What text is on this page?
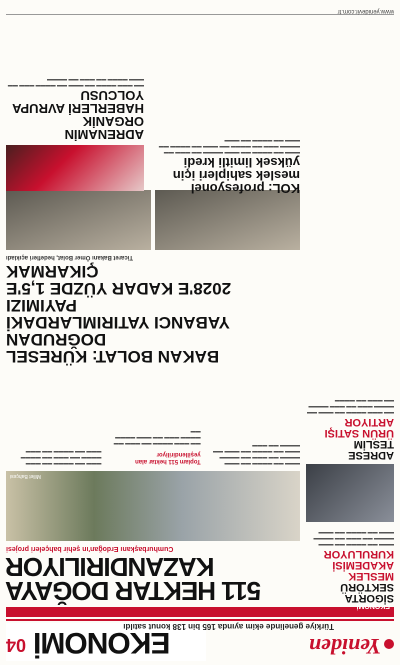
Yeniden
EKONOMİ
04
Türkiye genelinde ekim ayında 165 bin 138 konut satıldı
EKONOMİ
SİGORTA SEKTÖRÜ
MESLEK AKADEMİSİ KURULUYOR
▬▬▬ ▬▬ ▬▬▬▬ ▬▬ ▬▬▬ ▬▬▬▬ ▬▬ ▬▬▬ ▬▬ ▬▬▬▬ ▬▬▬ ▬▬ ▬▬▬▬ ▬▬ ▬▬▬
ADRESE TESLİM
ÜRÜN SATIŞI ARTIYOR
▬▬ ▬▬▬ ▬▬▬▬ ▬▬ ▬▬▬ ▬▬ ▬▬▬▬ ▬▬▬ ▬▬ ▬▬▬ ▬▬▬▬ ▬▬ ▬▬▬ ▬▬ ▬▬▬▬
511 HEKTAR DOĞAYA
KAZANDIRILIYOR
Cumhurbaşkanı Erdoğan'ın şehir bahçeleri projesi
Millet Bahçesi
▬▬▬ ▬▬ ▬▬▬▬ ▬▬ ▬▬▬ ▬▬▬▬ ▬▬ ▬▬▬ ▬▬ ▬▬▬▬ ▬▬▬ ▬▬ ▬▬▬▬ ▬▬ ▬▬▬ ▬▬ ▬▬▬▬ ▬▬ ▬▬▬
Toplam 511 hektar alan yeşillendiriliyor
▬▬ ▬▬▬ ▬▬▬▬ ▬▬ ▬▬▬ ▬▬ ▬▬▬▬ ▬▬▬ ▬▬ ▬▬▬ ▬▬▬▬ ▬▬
▬▬▬ ▬▬ ▬▬▬▬ ▬▬ ▬▬▬ ▬▬▬▬ ▬▬ ▬▬▬ ▬▬ ▬▬▬▬ ▬▬▬ ▬▬ ▬▬▬▬ ▬▬ ▬▬▬
BAKAN BOLAT: KÜRESEL DOĞRUDAN
YABANCI YATIRIMLARDAKİ PAYIMIZI
2028'E KADAR YÜZDE 1,5'E ÇIKARMAK
Ticaret Bakanı Ömer Bolat, hedefleri açıkladı
KOL: profesyonel meslek sahipleri için yüksek limitli kredi
▬▬▬ ▬▬ ▬▬▬▬ ▬▬ ▬▬▬ ▬▬▬▬ ▬▬ ▬▬▬ ▬▬ ▬▬▬▬ ▬▬▬ ▬▬ ▬▬▬▬ ▬▬ ▬▬▬ ▬▬ ▬▬▬▬ ▬▬ ▬▬▬ ▬▬ ▬▬▬▬ ▬▬ ▬▬▬
ADRENAMİN ORGANİK HABERLERİ AVRUPA YOLCUSU
▬▬ ▬▬▬ ▬▬▬▬ ▬▬ ▬▬▬ ▬▬ ▬▬▬▬ ▬▬▬ ▬▬ ▬▬▬ ▬▬▬▬ ▬▬ ▬▬▬ ▬▬ ▬▬▬▬
www.yenidevir.com.tr
